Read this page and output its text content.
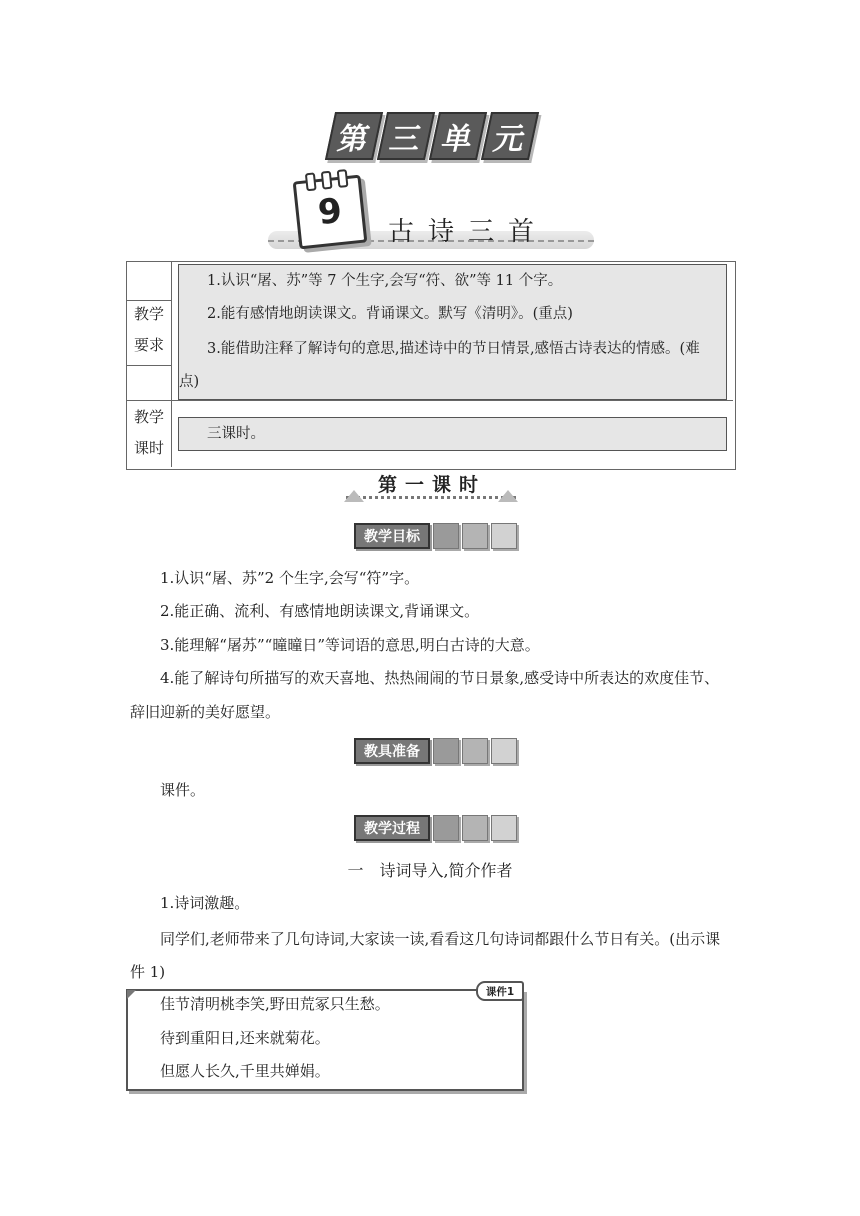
第 三 单 元
9 古诗三首
教学
要求
1.认识“屠、苏”等 7 个生字,会写“符、欲”等 11 个字。
2.能有感情地朗读课文。背诵课文。默写《清明》。(重点)
3.能借助注释了解诗句的意思,描述诗中的节日情景,感悟古诗表达的情感。(难
点)
教学
课时
三课时。
第一课时
教学目标
1.认识“屠、苏”2 个生字,会写“符”字。
2.能正确、流利、有感情地朗读课文,背诵课文。
3.能理解“屠苏”“曈曈日”等词语的意思,明白古诗的大意。
4.能了解诗句所描写的欢天喜地、热热闹闹的节日景象,感受诗中所表达的欢度佳节、
辞旧迎新的美好愿望。
教具准备
课件。
教学过程
一　诗词导入,简介作者
1.诗词激趣。
同学们,老师带来了几句诗词,大家读一读,看看这几句诗词都跟什么节日有关。(出示课
件 1)
课件1
佳节清明桃李笑,野田荒冢只生愁。
待到重阳日,还来就菊花。
但愿人长久,千里共婵娟。
